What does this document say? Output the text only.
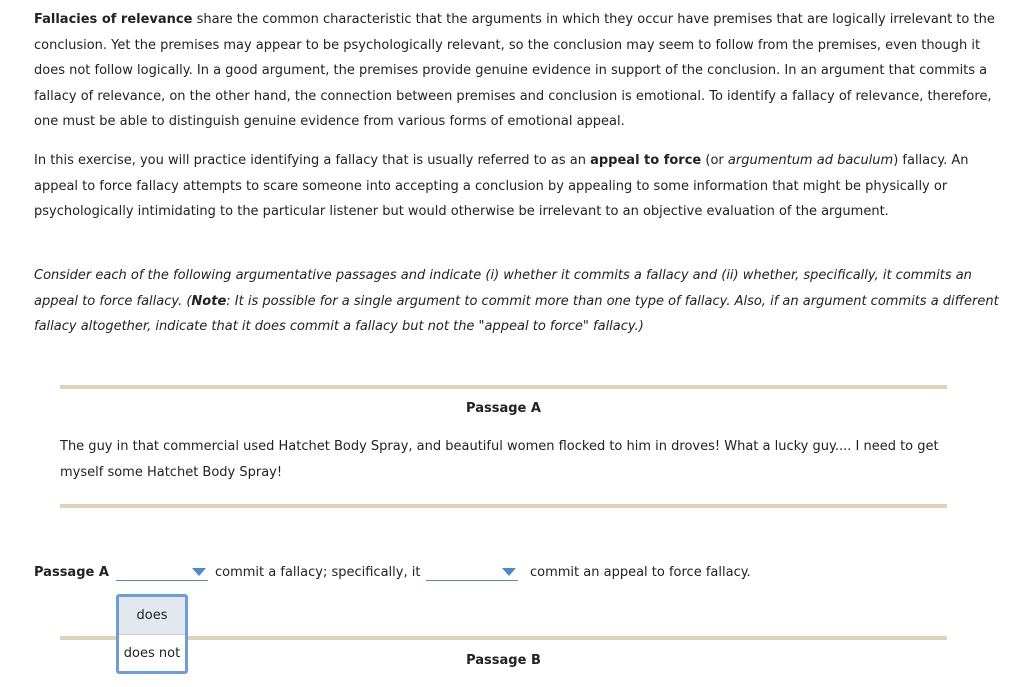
Fallacies of relevance share the common characteristic that the arguments in which they occur have premises that are logically irrelevant to the conclusion. Yet the premises may appear to be psychologically relevant, so the conclusion may seem to follow from the premises, even though it does not follow logically. In a good argument, the premises provide genuine evidence in support of the conclusion. In an argument that commits a fallacy of relevance, on the other hand, the connection between premises and conclusion is emotional. To identify a fallacy of relevance, therefore, one must be able to distinguish genuine evidence from various forms of emotional appeal.

In this exercise, you will practice identifying a fallacy that is usually referred to as an appeal to force (or argumentum ad baculum) fallacy. An appeal to force fallacy attempts to scare someone into accepting a conclusion by appealing to some information that might be physically or psychologically intimidating to the particular listener but would otherwise be irrelevant to an objective evaluation of the argument.

Consider each of the following argumentative passages and indicate (i) whether it commits a fallacy and (ii) whether, specifically, it commits an appeal to force fallacy. (Note: It is possible for a single argument to commit more than one type of fallacy. Also, if an argument commits a different fallacy altogether, indicate that it does commit a fallacy but not the "appeal to force" fallacy.)

Passage A

The guy in that commercial used Hatchet Body Spray, and beautiful women flocked to him in droves! What a lucky guy.... I need to get myself some Hatchet Body Spray!

Passage A	commit a fallacy; specifically, it	commit an appeal to force fallacy.
Passage B
does
does not
